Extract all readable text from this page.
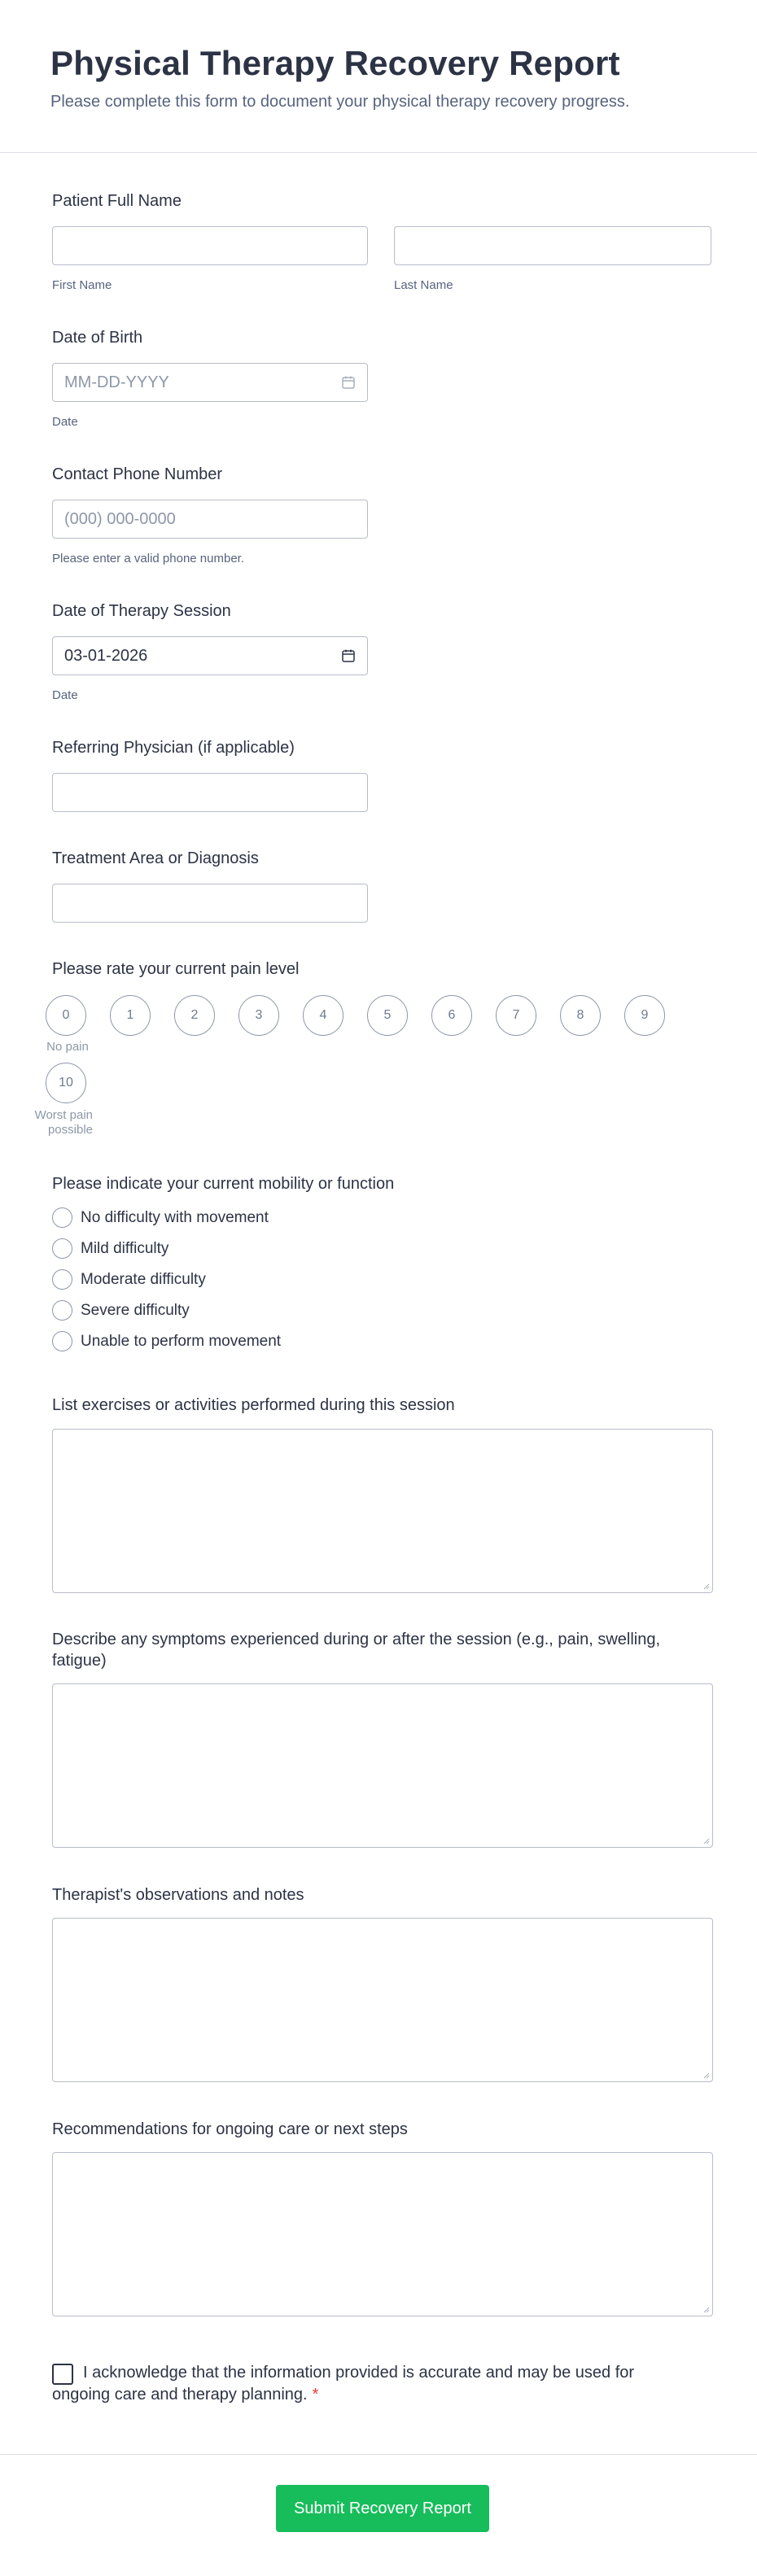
Physical Therapy Recovery Report

Please complete this form to document your physical therapy recovery progress.

Patient Full Name
First Name	Last Name
Date of Birth
MM-DD-YYYY
Date
Contact Phone Number
(000) 000-0000
Please enter a valid phone number.
Date of Therapy Session
03-01-2026
Date
Referring Physician (if applicable)
Treatment Area or Diagnosis
Please rate your current pain level
0	1	2	3	4	5	6	7	8	9
10
No pain
Worst pain
possible
Please indicate your current mobility or function
No difficulty with movement
Mild difficulty
Moderate difficulty
Severe difficulty
Unable to perform movement
List exercises or activities performed during this session
Describe any symptoms experienced during or after the session (e.g., pain, swelling, fatigue)
Therapist's observations and notes
Recommendations for ongoing care or next steps
I acknowledge that the information provided is accurate and may be used for ongoing care and therapy planning. *
Submit Recovery Report
